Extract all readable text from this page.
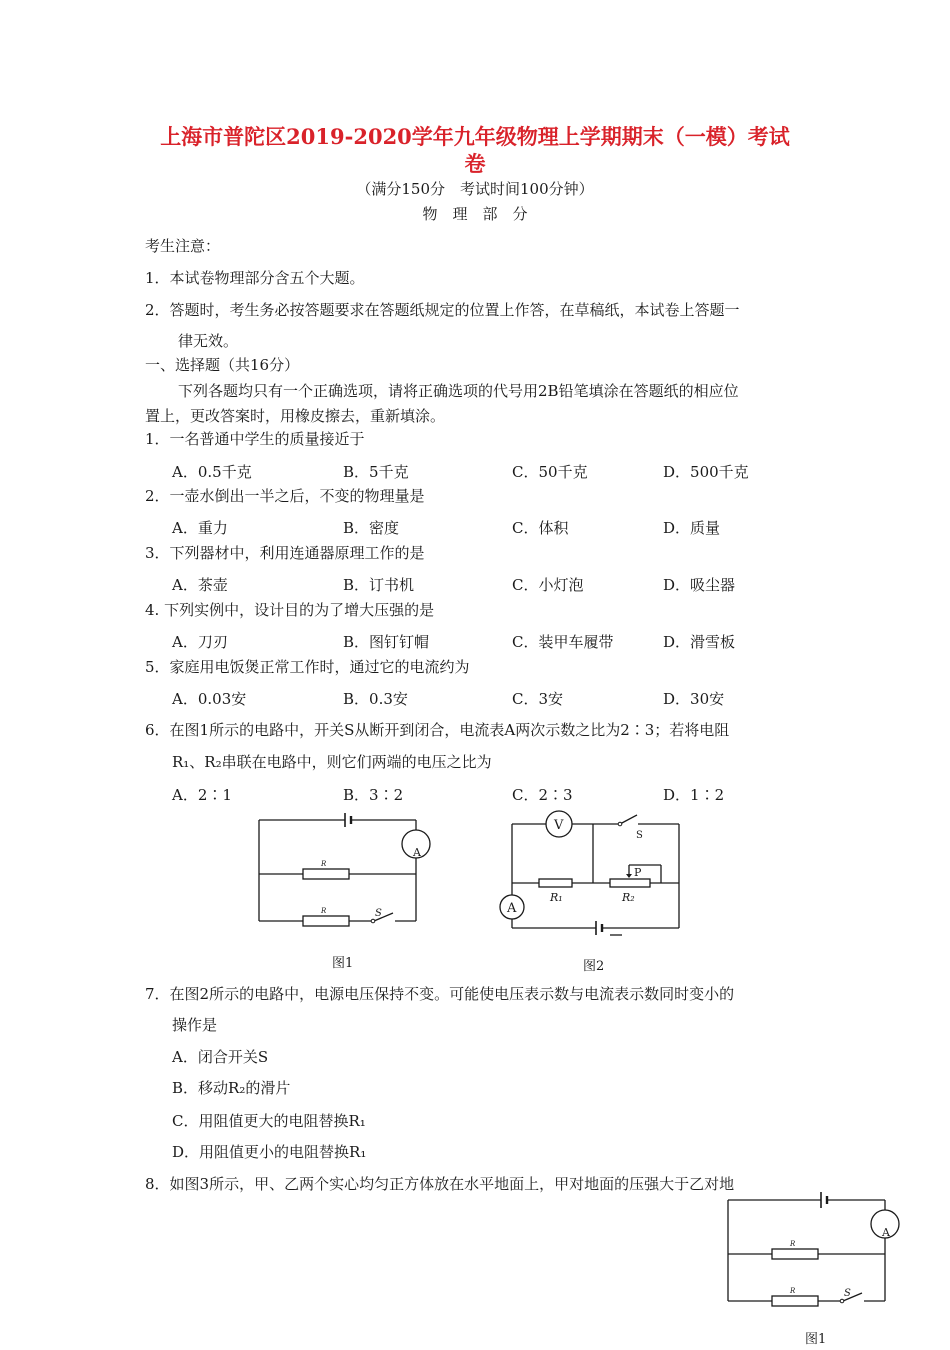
上海市普陀区2019-2020学年九年级物理上学期期末（一模）考试
卷
（满分150分　考试时间100分钟）
物　理　部　分
考生注意：
1．本试卷物理部分含五个大题。
2．答题时，考生务必按答题要求在答题纸规定的位置上作答，在草稿纸，本试卷上答题一
律无效。
一、选择题（共16分）
下列各题均只有一个正确选项，请将正确选项的代号用2B铅笔填涂在答题纸的相应位
置上，更改答案时，用橡皮擦去，重新填涂。
1．一名普通中学生的质量接近于
A．0.5千克	B．5千克	C．50千克	D．500千克
2．一壶水倒出一半之后，不变的物理量是
A．重力	B．密度	C．体积	D．质量
3．下列器材中，利用连通器原理工作的是
A．茶壶	B．订书机	C．小灯泡	D．吸尘器
4. 下列实例中，设计目的为了增大压强的是
A．刀刃	B．图钉钉帽	C．装甲车履带	D．滑雪板
5．家庭用电饭煲正常工作时，通过它的电流约为
A．0.03安	B．0.3安	C．3安	D．30安
6．在图1所示的电路中，开关S从断开到闭合，电流表A两次示数之比为2∶3；若将电阻
R₁、R₂串联在电路中，则它们两端的电压之比为
A．2∶1	B．3∶2	C．2∶3	D．1∶2
A
R
R	S
图1
V
A
R₁	R₂
P
S
图2
7．在图2所示的电路中，电源电压保持不变。可能使电压表示数与电流表示数同时变小的
操作是
A．闭合开关S
B．移动R₂的滑片
C．用阻值更大的电阻替换R₁
D．用阻值更小的电阻替换R₁
8．如图3所示，甲、乙两个实心均匀正方体放在水平地面上，甲对地面的压强大于乙对地
A
R
R	S
图1
